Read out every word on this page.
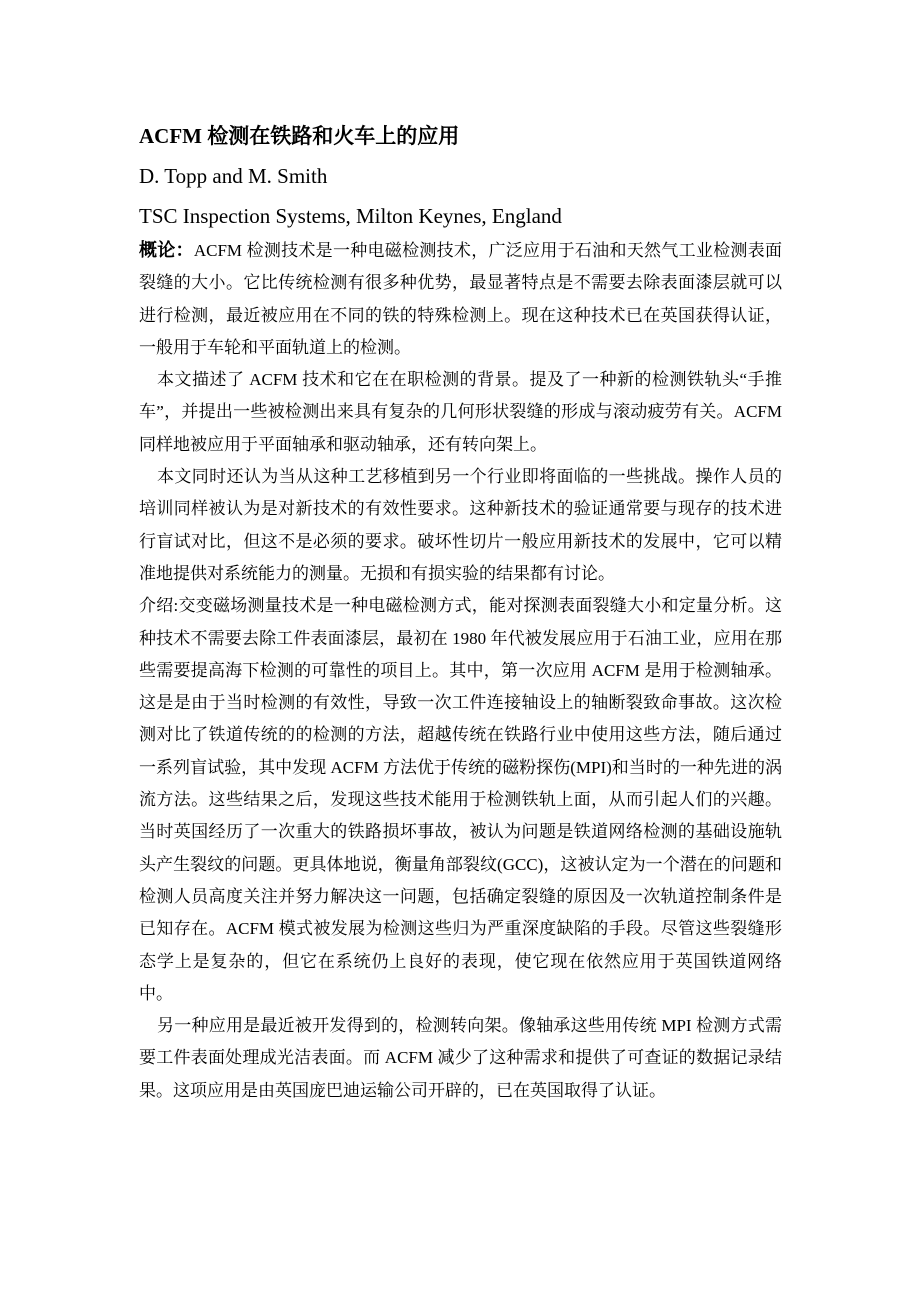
ACFM 检测在铁路和火车上的应用
D. Topp and M. Smith
TSC Inspection Systems, Milton Keynes, England

概论：ACFM 检测技术是一种电磁检测技术，广泛应用于石油和天然气工业检测表面裂缝的大小。它比传统检测有很多种优势，最显著特点是不需要去除表面漆层就可以进行检测，最近被应用在不同的铁的特殊检测上。现在这种技术已在英国获得认证，一般用于车轮和平面轨道上的检测。

本文描述了 ACFM 技术和它在在职检测的背景。提及了一种新的检测铁轨头“手推车”，并提出一些被检测出来具有复杂的几何形状裂缝的形成与滚动疲劳有关。ACFM 同样地被应用于平面轴承和驱动轴承，还有转向架上。

本文同时还认为当从这种工艺移植到另一个行业即将面临的一些挑战。操作人员的培训同样被认为是对新技术的有效性要求。这种新技术的验证通常要与现存的技术进行盲试对比，但这不是必须的要求。破坏性切片一般应用新技术的发展中，它可以精准地提供对系统能力的测量。无损和有损实验的结果都有讨论。

介绍:交变磁场测量技术是一种电磁检测方式，能对探测表面裂缝大小和定量分析。这种技术不需要去除工件表面漆层，最初在 1980 年代被发展应用于石油工业，应用在那些需要提高海下检测的可靠性的项目上。其中，第一次应用 ACFM 是用于检测轴承。这是是由于当时检测的有效性，导致一次工件连接轴设上的轴断裂致命事故。这次检测对比了铁道传统的的检测的方法，超越传统在铁路行业中使用这些方法，随后通过一系列盲试验，其中发现 ACFM 方法优于传统的磁粉探伤(MPI)和当时的一种先进的涡流方法。这些结果之后，发现这些技术能用于检测铁轨上面，从而引起人们的兴趣。当时英国经历了一次重大的铁路损坏事故，被认为问题是铁道网络检测的基础设施轨头产生裂纹的问题。更具体地说，衡量角部裂纹(GCC)，这被认定为一个潜在的问题和检测人员高度关注并努力解决这一问题，包括确定裂缝的原因及一次轨道控制条件是已知存在。ACFM 模式被发展为检测这些归为严重深度缺陷的手段。尽管这些裂缝形态学上是复杂的，但它在系统仍上良好的表现，使它现在依然应用于英国铁道网络中。

另一种应用是最近被开发得到的，检测转向架。像轴承这些用传统 MPI 检测方式需要工件表面处理成光洁表面。而 ACFM 减少了这种需求和提供了可查证的数据记录结果。这项应用是由英国庞巴迪运输公司开辟的，已在英国取得了认证。
